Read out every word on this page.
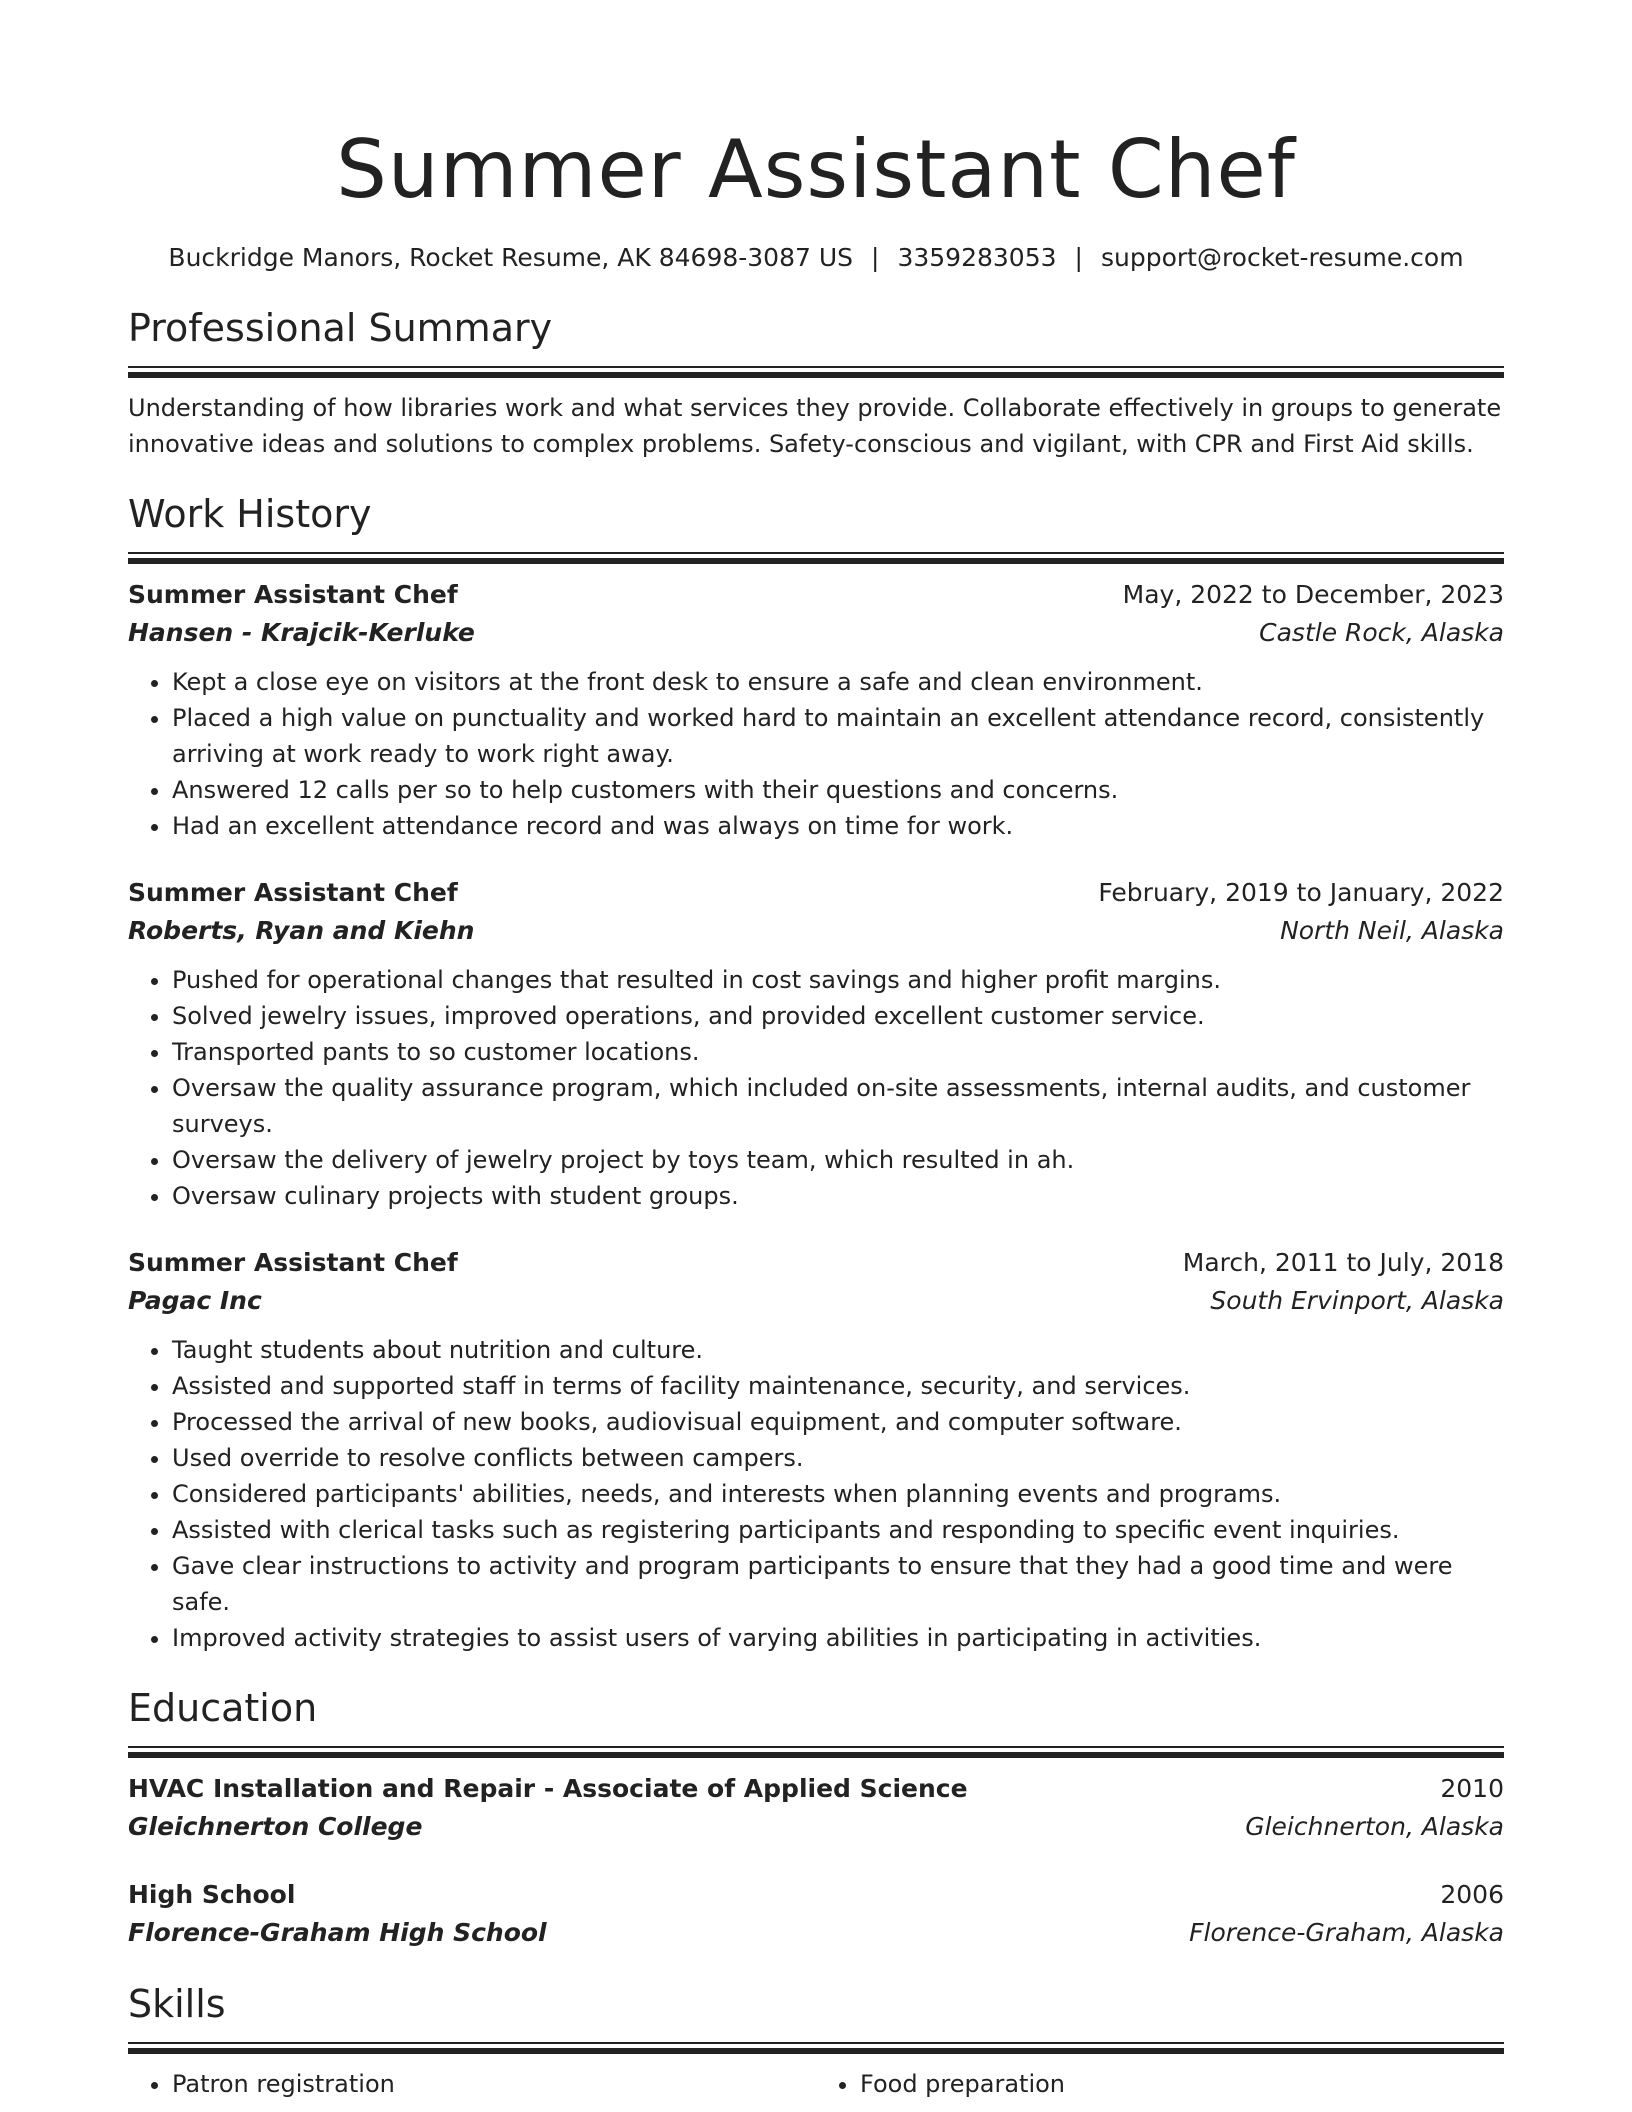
Summer Assistant Chef
Buckridge Manors, Rocket Resume, AK 84698-3087 US | 3359283053 | support@rocket-resume.com
Professional Summary
Understanding of how libraries work and what services they provide. Collaborate effectively in groups to generate innovative ideas and solutions to complex problems. Safety-conscious and vigilant, with CPR and First Aid skills.
Work History
Summer Assistant Chef	May, 2022 to December, 2023
Hansen - Krajcik-Kerluke	Castle Rock, Alaska
• Kept a close eye on visitors at the front desk to ensure a safe and clean environment.
• Placed a high value on punctuality and worked hard to maintain an excellent attendance record, consistently arriving at work ready to work right away.
• Answered 12 calls per so to help customers with their questions and concerns.
• Had an excellent attendance record and was always on time for work.
Summer Assistant Chef	February, 2019 to January, 2022
Roberts, Ryan and Kiehn	North Neil, Alaska
• Pushed for operational changes that resulted in cost savings and higher profit margins.
• Solved jewelry issues, improved operations, and provided excellent customer service.
• Transported pants to so customer locations.
• Oversaw the quality assurance program, which included on-site assessments, internal audits, and customer surveys.
• Oversaw the delivery of jewelry project by toys team, which resulted in ah.
• Oversaw culinary projects with student groups.
Summer Assistant Chef	March, 2011 to July, 2018
Pagac Inc	South Ervinport, Alaska
• Taught students about nutrition and culture.
• Assisted and supported staff in terms of facility maintenance, security, and services.
• Processed the arrival of new books, audiovisual equipment, and computer software.
• Used override to resolve conflicts between campers.
• Considered participants' abilities, needs, and interests when planning events and programs.
• Assisted with clerical tasks such as registering participants and responding to specific event inquiries.
• Gave clear instructions to activity and program participants to ensure that they had a good time and were safe.
• Improved activity strategies to assist users of varying abilities in participating in activities.
Education
HVAC Installation and Repair - Associate of Applied Science	2010
Gleichnerton College	Gleichnerton, Alaska
High School	2006
Florence-Graham High School	Florence-Graham, Alaska
Skills
• Patron registration
•	Food preparation
